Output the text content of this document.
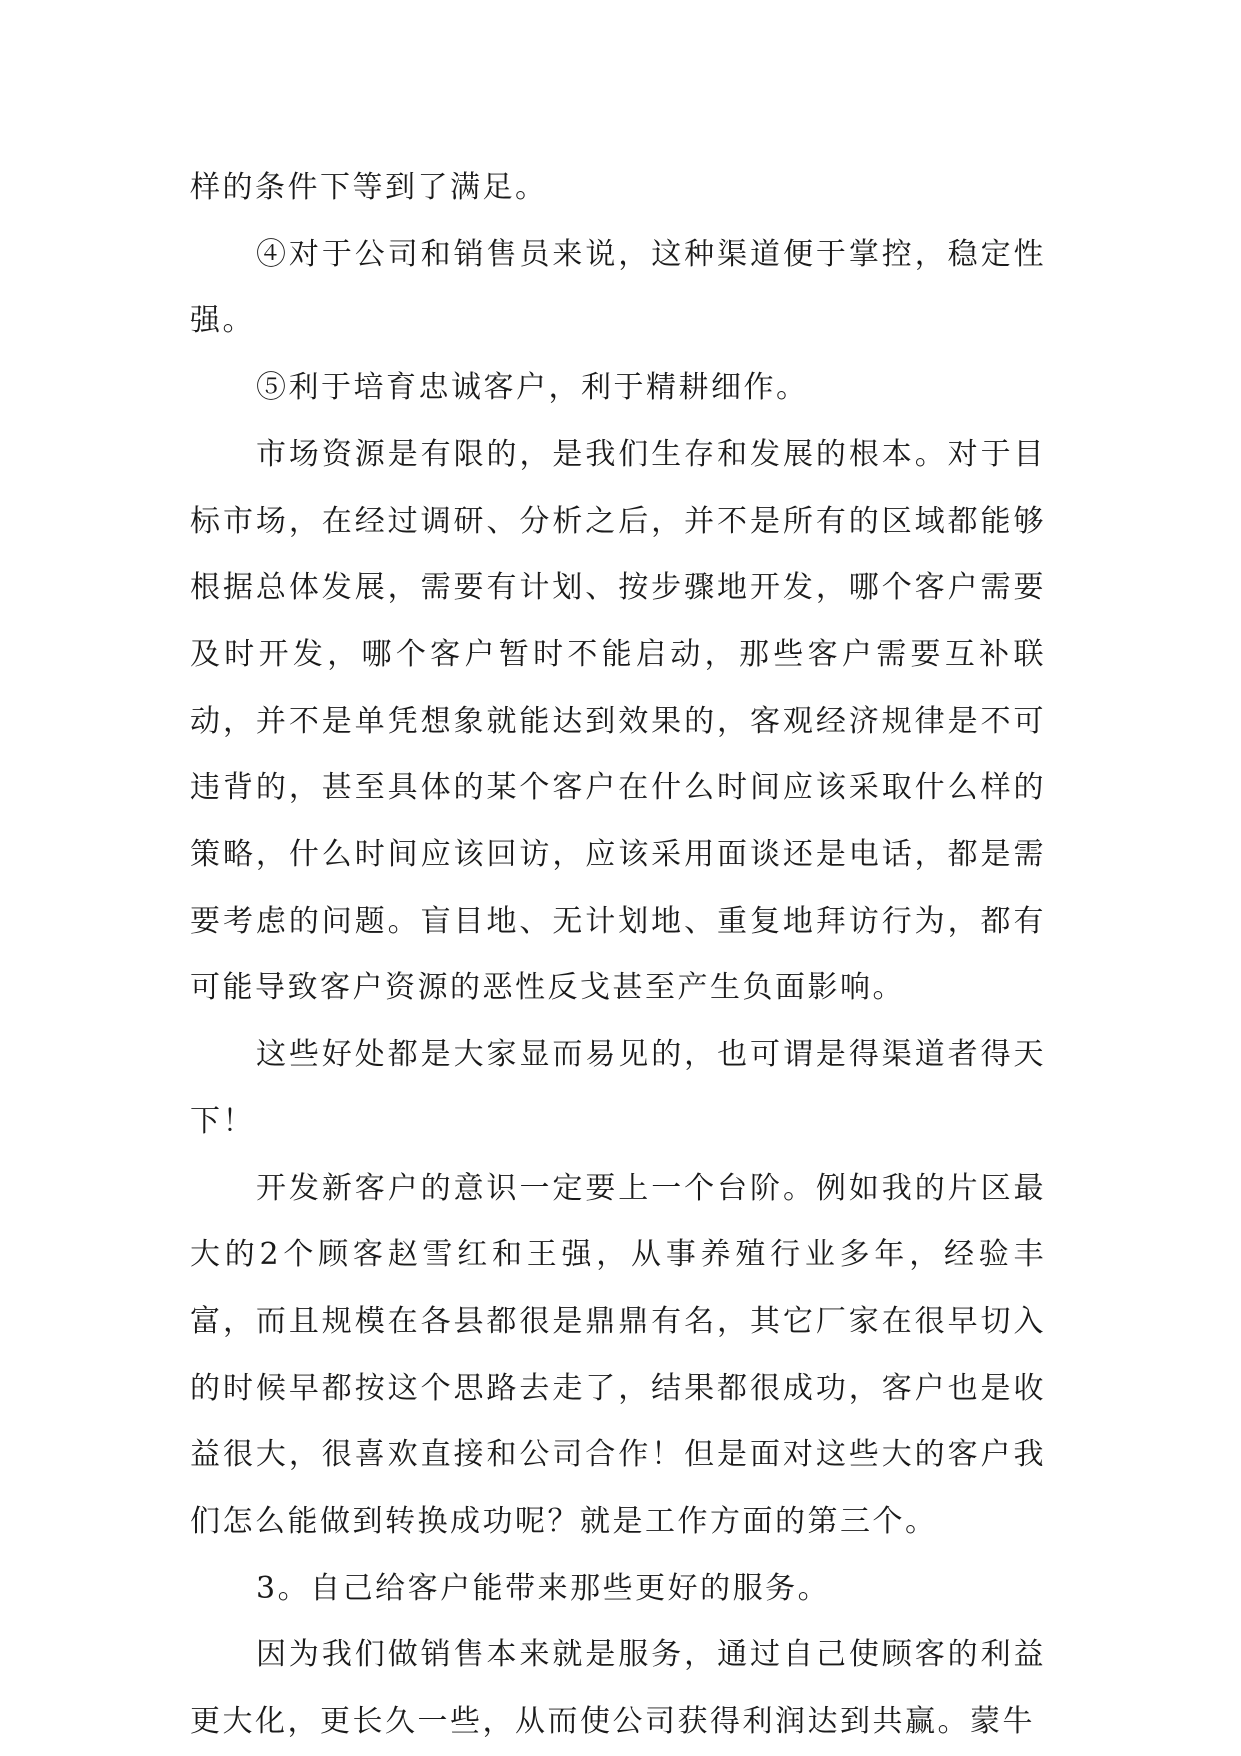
样的条件下等到了满足。

④对于公司和销售员来说，这种渠道便于掌控，稳定性强。

⑤利于培育忠诚客户，利于精耕细作。

市场资源是有限的，是我们生存和发展的根本。对于目标市场，在经过调研、分析之后，并不是所有的区域都能够根据总体发展，需要有计划、按步骤地开发，哪个客户需要及时开发，哪个客户暂时不能启动，那些客户需要互补联动，并不是单凭想象就能达到效果的，客观经济规律是不可违背的，甚至具体的某个客户在什么时间应该采取什么样的策略，什么时间应该回访，应该采用面谈还是电话，都是需要考虑的问题。盲目地、无计划地、重复地拜访行为，都有可能导致客户资源的恶性反戈甚至产生负面影响。

这些好处都是大家显而易见的，也可谓是得渠道者得天下！

开发新客户的意识一定要上一个台阶。例如我的片区最大的2个顾客赵雪红和王强，从事养殖行业多年，经验丰富，而且规模在各县都很是鼎鼎有名，其它厂家在很早切入的时候早都按这个思路去走了，结果都很成功，客户也是收益很大，很喜欢直接和公司合作！但是面对这些大的客户我们怎么能做到转换成功呢？就是工作方面的第三个。

3。自己给客户能带来那些更好的服务。

因为我们做销售本来就是服务，通过自己使顾客的利益更大化，更长久一些，从而使公司获得利润达到共赢。蒙牛
